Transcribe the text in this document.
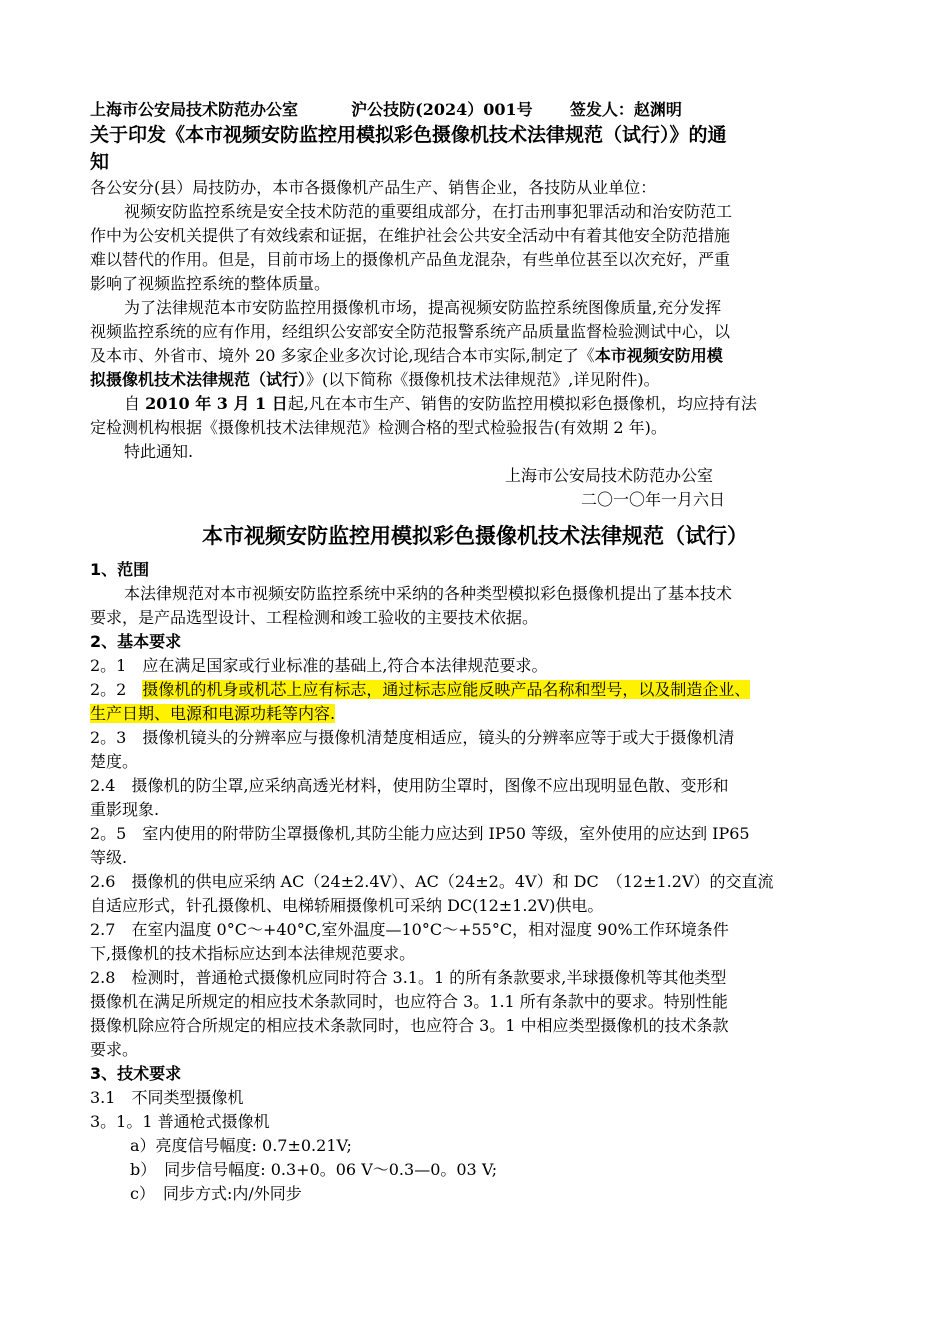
上海市公安局技术防范办公室	沪公技防(2024）001号 签发人：赵渊明
关于印发《本市视频安防监控用模拟彩色摄像机技术法律规范（试行）》的通
知
各公安分(县）局技防办，本市各摄像机产品生产、销售企业，各技防从业单位：
视频安防监控系统是安全技术防范的重要组成部分，在打击刑事犯罪活动和治安防范工
作中为公安机关提供了有效线索和证据，在维护社会公共安全活动中有着其他安全防范措施
难以替代的作用。但是，目前市场上的摄像机产品鱼龙混杂，有些单位甚至以次充好，严重
影响了视频监控系统的整体质量。
为了法律规范本市安防监控用摄像机市场，提高视频安防监控系统图像质量,充分发挥
视频监控系统的应有作用，经组织公安部安全防范报警系统产品质量监督检验测试中心，以
及本市、外省市、境外 20 多家企业多次讨论,现结合本市实际,制定了《本市视频安防用模
拟摄像机技术法律规范（试行）》(以下简称《摄像机技术法律规范》,详见附件)。
自 2010 年 3 月 1 日起,凡在本市生产、销售的安防监控用模拟彩色摄像机，均应持有法
定检测机构根据《摄像机技术法律规范》检测合格的型式检验报告(有效期 2 年)。
特此通知.
上海市公安局技术防范办公室
二〇一〇年一月六日
本市视频安防监控用模拟彩色摄像机技术法律规范（试行）
1、范围
本法律规范对本市视频安防监控系统中采纳的各种类型模拟彩色摄像机提出了基本技术
要求，是产品选型设计、工程检测和竣工验收的主要技术依据。
2、基本要求
2。1　应在满足国家或行业标准的基础上,符合本法律规范要求。
2。2　摄像机的机身或机芯上应有标志，通过标志应能反映产品名称和型号，以及制造企业、
生产日期、电源和电源功耗等内容.
2。3　摄像机镜头的分辨率应与摄像机清楚度相适应，镜头的分辨率应等于或大于摄像机清
楚度。
2.4　摄像机的防尘罩,应采纳高透光材料，使用防尘罩时，图像不应出现明显色散、变形和
重影现象.
2。5　室内使用的附带防尘罩摄像机,其防尘能力应达到 IP50 等级，室外使用的应达到 IP65
等级.
2.6　摄像机的供电应采纳 AC（24±2.4V）、AC（24±2。4V）和 DC　（12±1.2V）的交直流
自适应形式，针孔摄像机、电梯轿厢摄像机可采纳 DC(12±1.2V)供电。
2.7　在室内温度 0°C～+40°C,室外温度—10°C～+55°C，相对湿度 90%工作环境条件
下,摄像机的技术指标应达到本法律规范要求。
2.8　检测时，普通枪式摄像机应同时符合 3.1。1 的所有条款要求,半球摄像机等其他类型
摄像机在满足所规定的相应技术条款同时，也应符合 3。1.1 所有条款中的要求。特别性能
摄像机除应符合所规定的相应技术条款同时，也应符合 3。1 中相应类型摄像机的技术条款
要求。
3、技术要求
3.1　不同类型摄像机
3。1。1 普通枪式摄像机
a）亮度信号幅度: 0.7±0.21V;
b）　同步信号幅度: 0.3+0。06 V～0.3—0。03 V;
c）　同步方式:内/外同步
